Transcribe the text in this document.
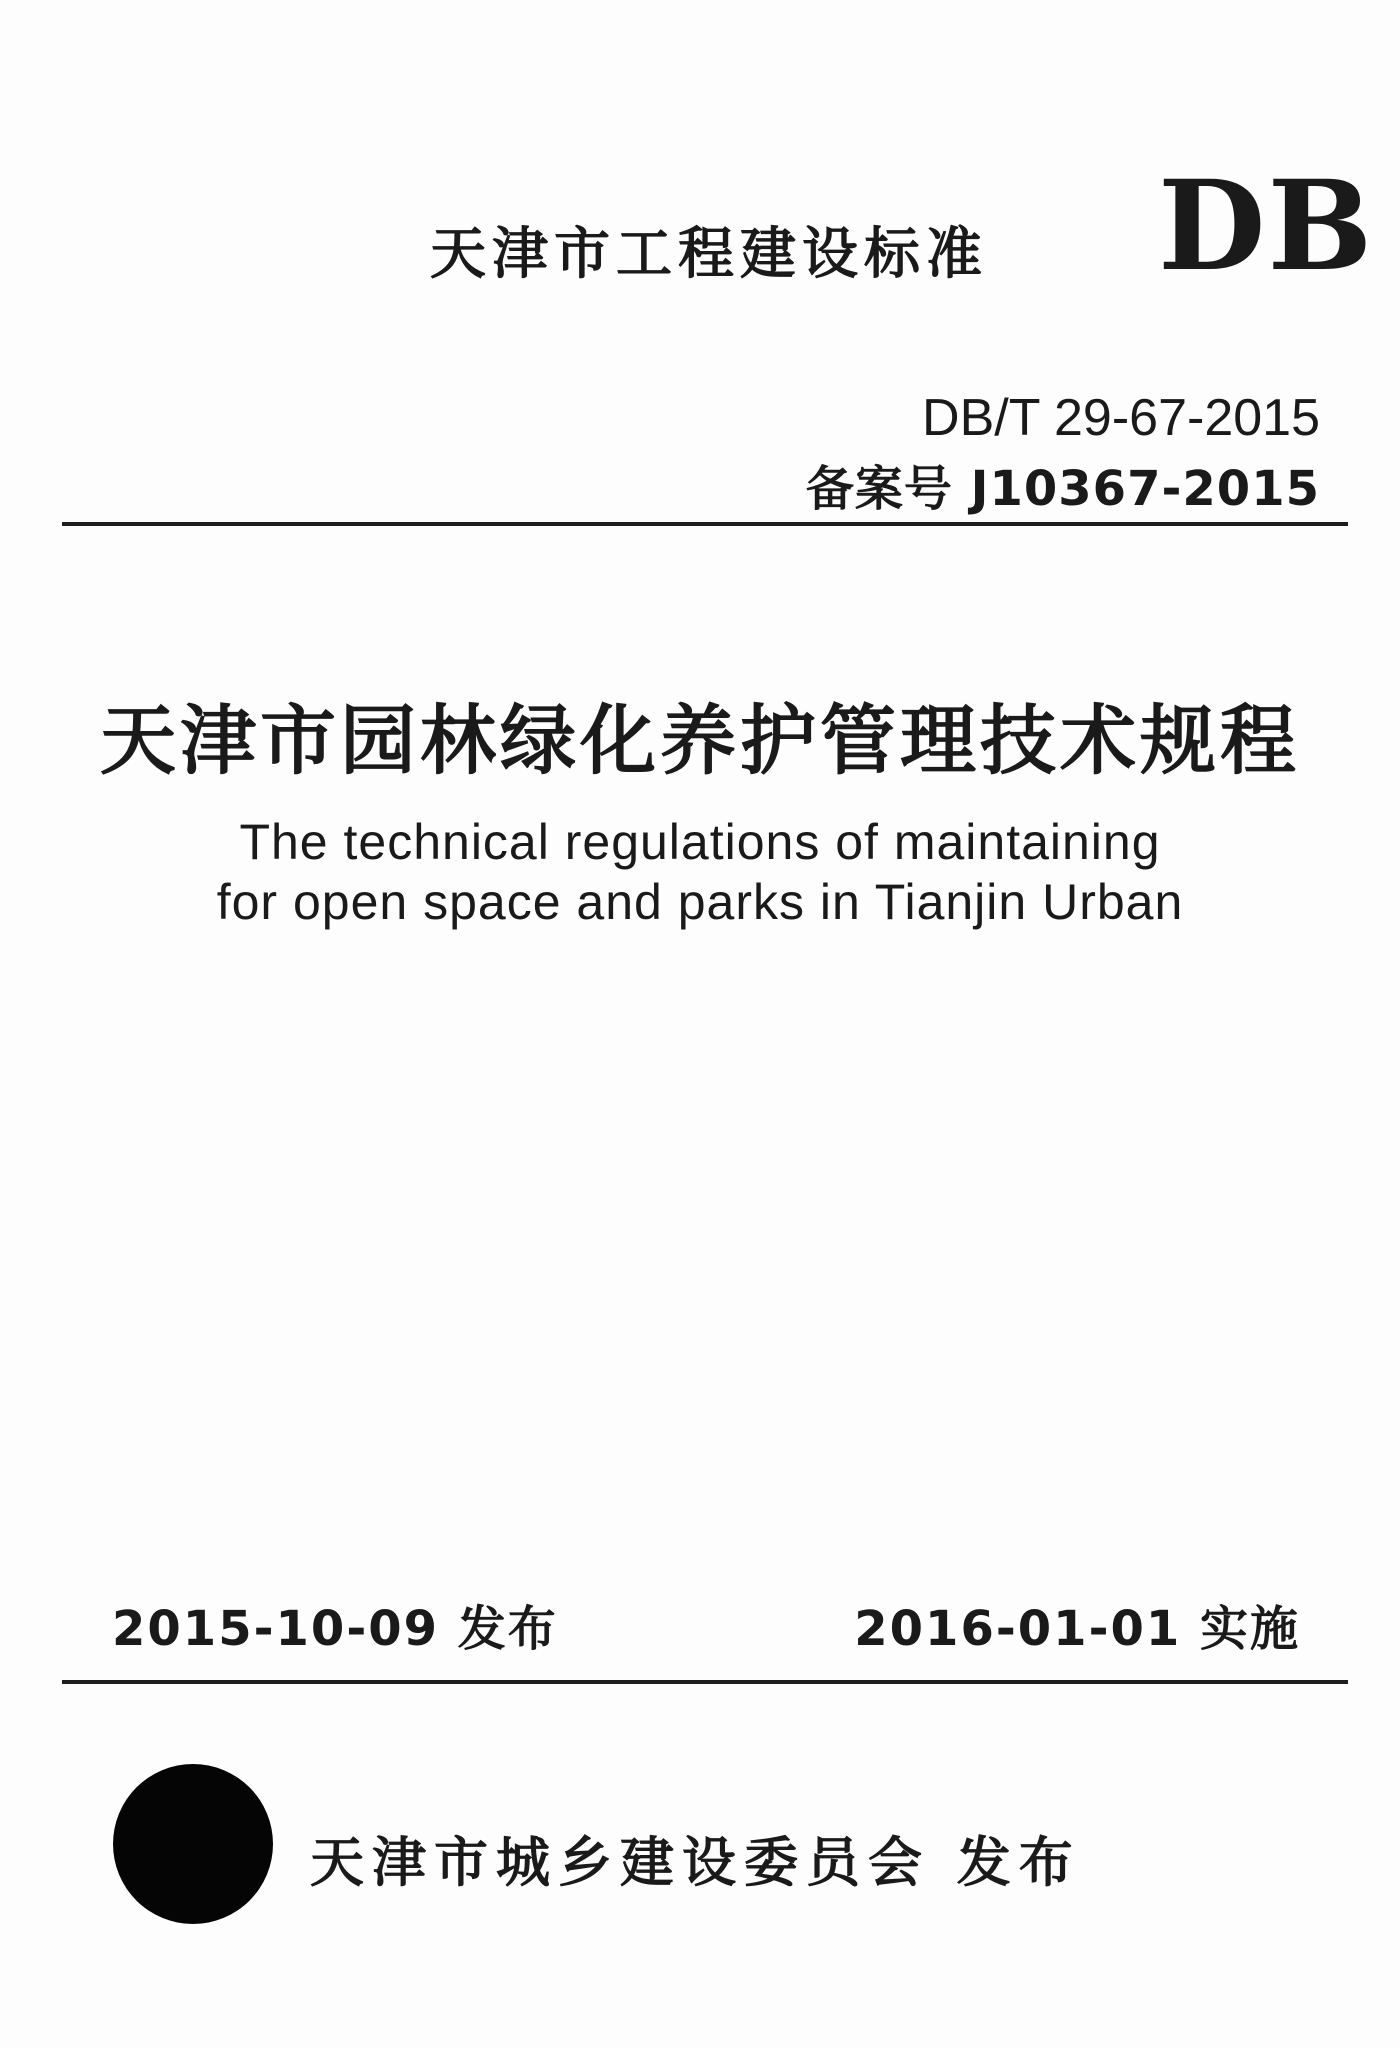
天津市工程建设标准 DB
DB/T 29-67-2015
备案号 J10367-2015
天津市园林绿化养护管理技术规程
The technical regulations of maintaining
for open space and parks in Tianjin Urban
2015-10-09 发布	2016-01-01 实施
天津市城乡建设委员会 发布
